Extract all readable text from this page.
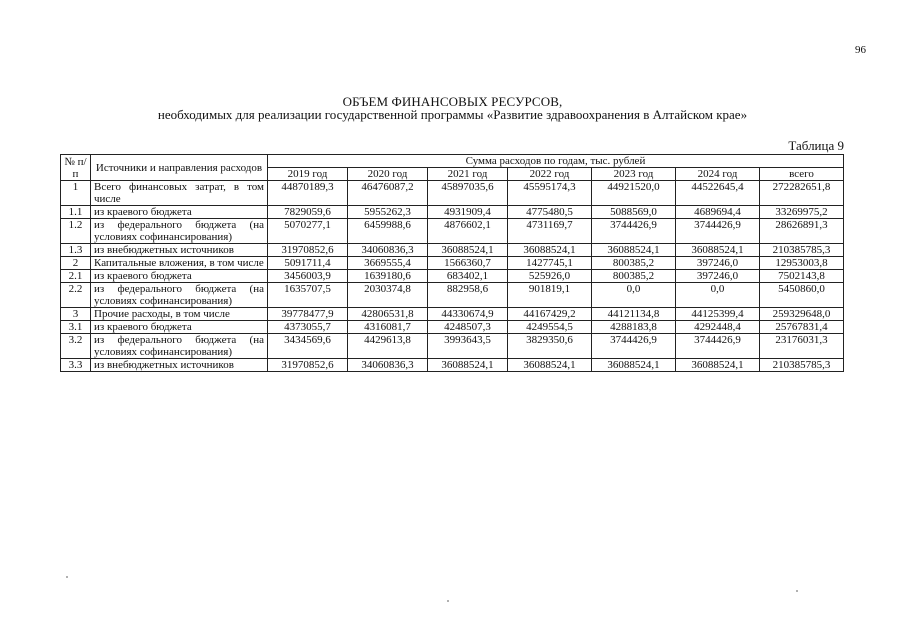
96
ОБЪЕМ ФИНАНСОВЫХ РЕСУРСОВ,
необходимых для реализации государственной программы «Развитие здравоохранения в Алтайском крае»
Таблица 9
№ п/п	Источники и направления расходов	Сумма расходов по годам, тыс. рублей						
		2019 год	2020 год	2021 год	2022 год	2023 год	2024 год	всего
1	Всего финансовых затрат, в том числе	44870189,3	46476087,2	45897035,6	45595174,3	44921520,0	44522645,4	272282651,8
1.1	из краевого бюджета	7829059,6	5955262,3	4931909,4	4775480,5	5088569,0	4689694,4	33269975,2
1.2	из федерального бюджета (на условиях софинансирования)	5070277,1	6459988,6	4876602,1	4731169,7	3744426,9	3744426,9	28626891,3
1.3	из внебюджетных источников	31970852,6	34060836,3	36088524,1	36088524,1	36088524,1	36088524,1	210385785,3
2	Капитальные вложения, в том числе	5091711,4	3669555,4	1566360,7	1427745,1	800385,2	397246,0	12953003,8
2.1	из краевого бюджета	3456003,9	1639180,6	683402,1	525926,0	800385,2	397246,0	7502143,8
2.2	из федерального бюджета (на условиях софинансирования)	1635707,5	2030374,8	882958,6	901819,1	0,0	0,0	5450860,0
3	Прочие расходы, в том числе	39778477,9	42806531,8	44330674,9	44167429,2	44121134,8	44125399,4	259329648,0
3.1	из краевого бюджета	4373055,7	4316081,7	4248507,3	4249554,5	4288183,8	4292448,4	25767831,4
3.2	из федерального бюджета (на условиях софинансирования)	3434569,6	4429613,8	3993643,5	3829350,6	3744426,9	3744426,9	23176031,3
3.3	из внебюджетных источников	31970852,6	34060836,3	36088524,1	36088524,1	36088524,1	36088524,1	210385785,3
